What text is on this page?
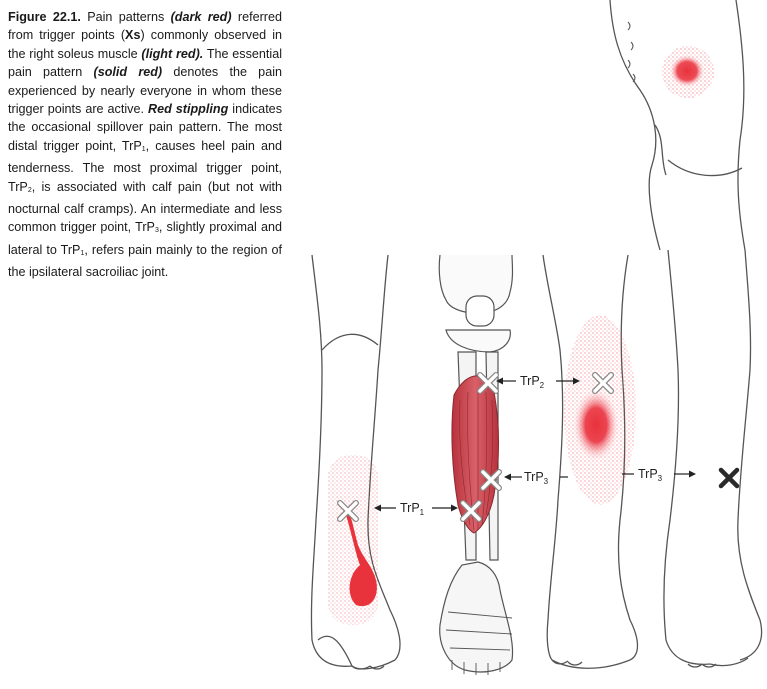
Figure 22.1. Pain patterns (dark red) referred from trigger points (Xs) commonly observed in the right soleus muscle (light red). The essential pain pattern (solid red) denotes the pain experienced by nearly everyone in whom these trigger points are active. Red stippling indicates the occasional spillover pain pattern. The most distal trigger point, TrP$_1$, causes heel pain and tenderness. The most proximal trigger point, TrP$_2$, is associated with calf pain (but not with nocturnal calf cramps). An intermediate and less common trigger point, TrP$_3$, slightly proximal and lateral to TrP$_1$, refers pain mainly to the region of the ipsilateral sacroiliac joint.
TrP$_1$
TrP$_2$
TrP$_3$
TrP$_3$
